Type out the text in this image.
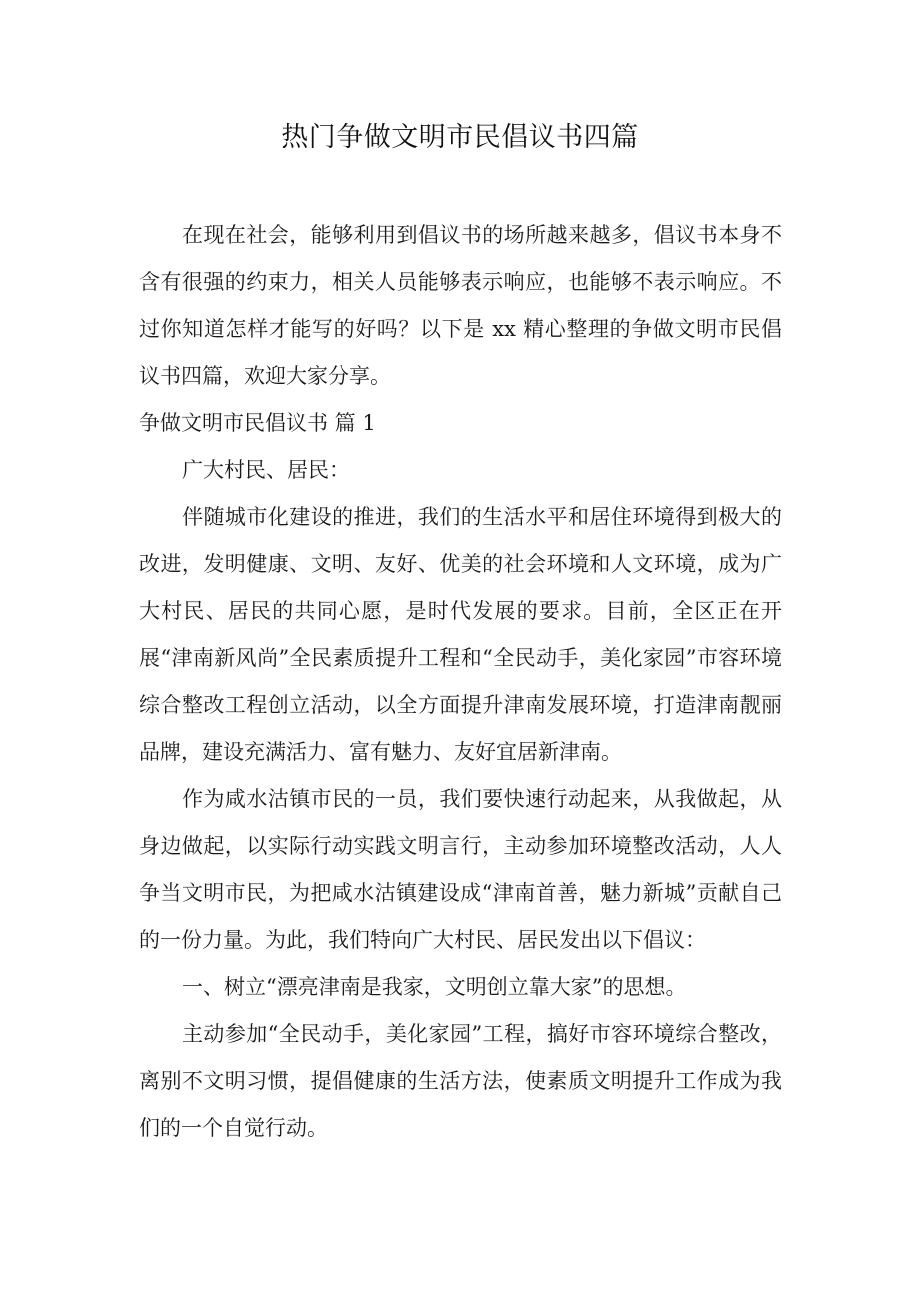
热门争做文明市民倡议书四篇

在现在社会，能够利用到倡议书的场所越来越多，倡议书本身不含有很强的约束力，相关人员能够表示响应，也能够不表示响应。不过你知道怎样才能写的好吗？以下是 xx 精心整理的争做文明市民倡议书四篇，欢迎大家分享。

争做文明市民倡议书 篇 1

广大村民、居民：

伴随城市化建设的推进，我们的生活水平和居住环境得到极大的改进，发明健康、文明、友好、优美的社会环境和人文环境，成为广大村民、居民的共同心愿，是时代发展的要求。目前，全区正在开展“津南新风尚”全民素质提升工程和“全民动手，美化家园”市容环境综合整改工程创立活动，以全方面提升津南发展环境，打造津南靓丽品牌，建设充满活力、富有魅力、友好宜居新津南。

作为咸水沽镇市民的一员，我们要快速行动起来，从我做起，从身边做起，以实际行动实践文明言行，主动参加环境整改活动，人人争当文明市民，为把咸水沽镇建设成“津南首善，魅力新城”贡献自己的一份力量。为此，我们特向广大村民、居民发出以下倡议：

一、树立“漂亮津南是我家，文明创立靠大家”的思想。

主动参加“全民动手，美化家园”工程，搞好市容环境综合整改，离别不文明习惯，提倡健康的生活方法，使素质文明提升工作成为我们的一个自觉行动。
